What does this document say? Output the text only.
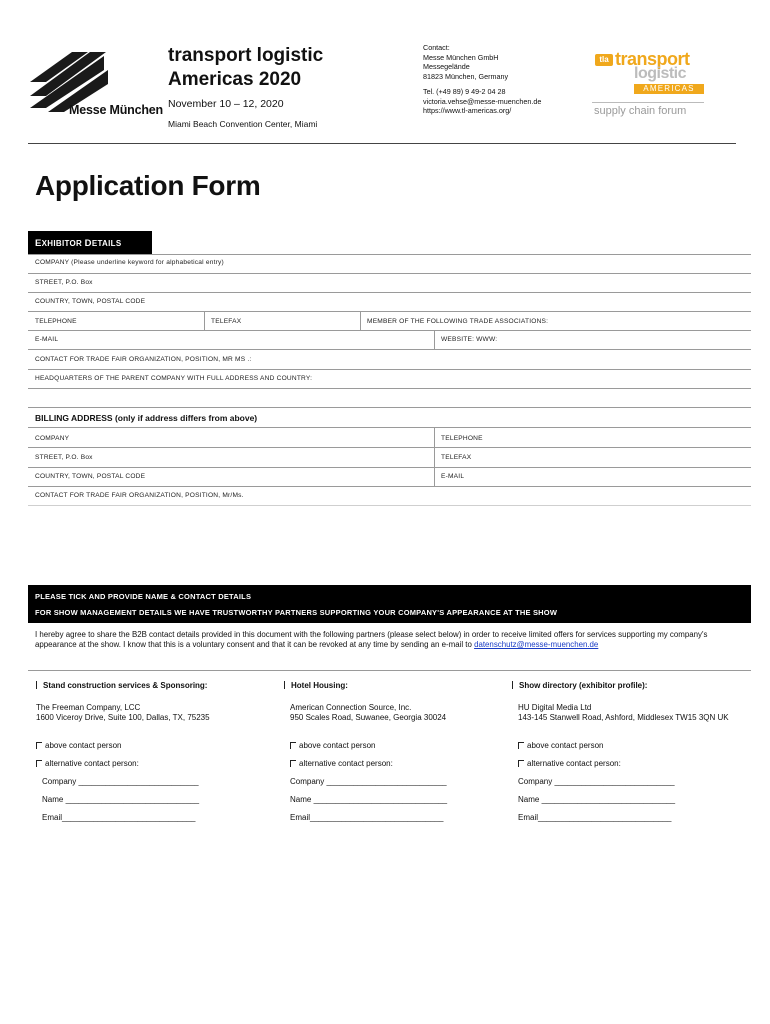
Messe München
transport logistic
Americas 2020
November 10 – 12, 2020
Miami Beach Convention Center, Miami
Contact:
Messe München GmbH
Messegelände
81823 München, Germany
Tel. (+49 89) 9 49-2 04 28
victoria.vehse@messe-muenchen.de
https://www.tl-americas.org/
tla transport
logistic
AMERICAS
supply chain forum
Application Form
EXHIBITOR DETAILS
COMPANY (Please underline keyword for alphabetical entry)
STREET, P.O. Box
COUNTRY, TOWN, POSTAL CODE
TELEPHONE	TELEFAX	MEMBER OF THE FOLLOWING TRADE ASSOCIATIONS:
E-MAIL	WEBSITE: WWW:
CONTACT FOR TRADE FAIR ORGANIZATION, POSITION, MR MS .:
HEADQUARTERS OF THE PARENT COMPANY WITH FULL ADDRESS AND COUNTRY:
BILLING ADDRESS (only if address differs from above)
COMPANY	TELEPHONE
STREET, P.O. Box	TELEFAX
COUNTRY, TOWN, POSTAL CODE	E-MAIL
CONTACT FOR TRADE FAIR ORGANIZATION, POSITION, Mr/Ms.
PLEASE TICK AND PROVIDE NAME & CONTACT DETAILS
FOR SHOW MANAGEMENT DETAILS WE HAVE TRUSTWORTHY PARTNERS SUPPORTING YOUR COMPANY'S APPEARANCE AT THE SHOW
I hereby agree to share the B2B contact details provided in this document with the following partners (please select below) in order to receive limited offers for services supporting my company's appearance at the show. I know that this is a voluntary consent and that it can be revoked at any time by sending an e-mail to datenschutz@messe-muenchen.de
Stand construction services & Sponsoring:
The Freeman Company, LCC
1600 Viceroy Drive, Suite 100, Dallas, TX, 75235
above contact person
alternative contact person:
Company ___________________________
Name ______________________________
Email______________________________
Hotel Housing:
American Connection Source, Inc.
950 Scales Road, Suwanee, Georgia 30024
above contact person
alternative contact person:
Company ___________________________
Name ______________________________
Email______________________________
Show directory (exhibitor profile):
HU Digital Media Ltd
143-145 Stanwell Road, Ashford, Middlesex TW15 3QN UK
above contact person
alternative contact person:
Company ___________________________
Name ______________________________
Email______________________________
